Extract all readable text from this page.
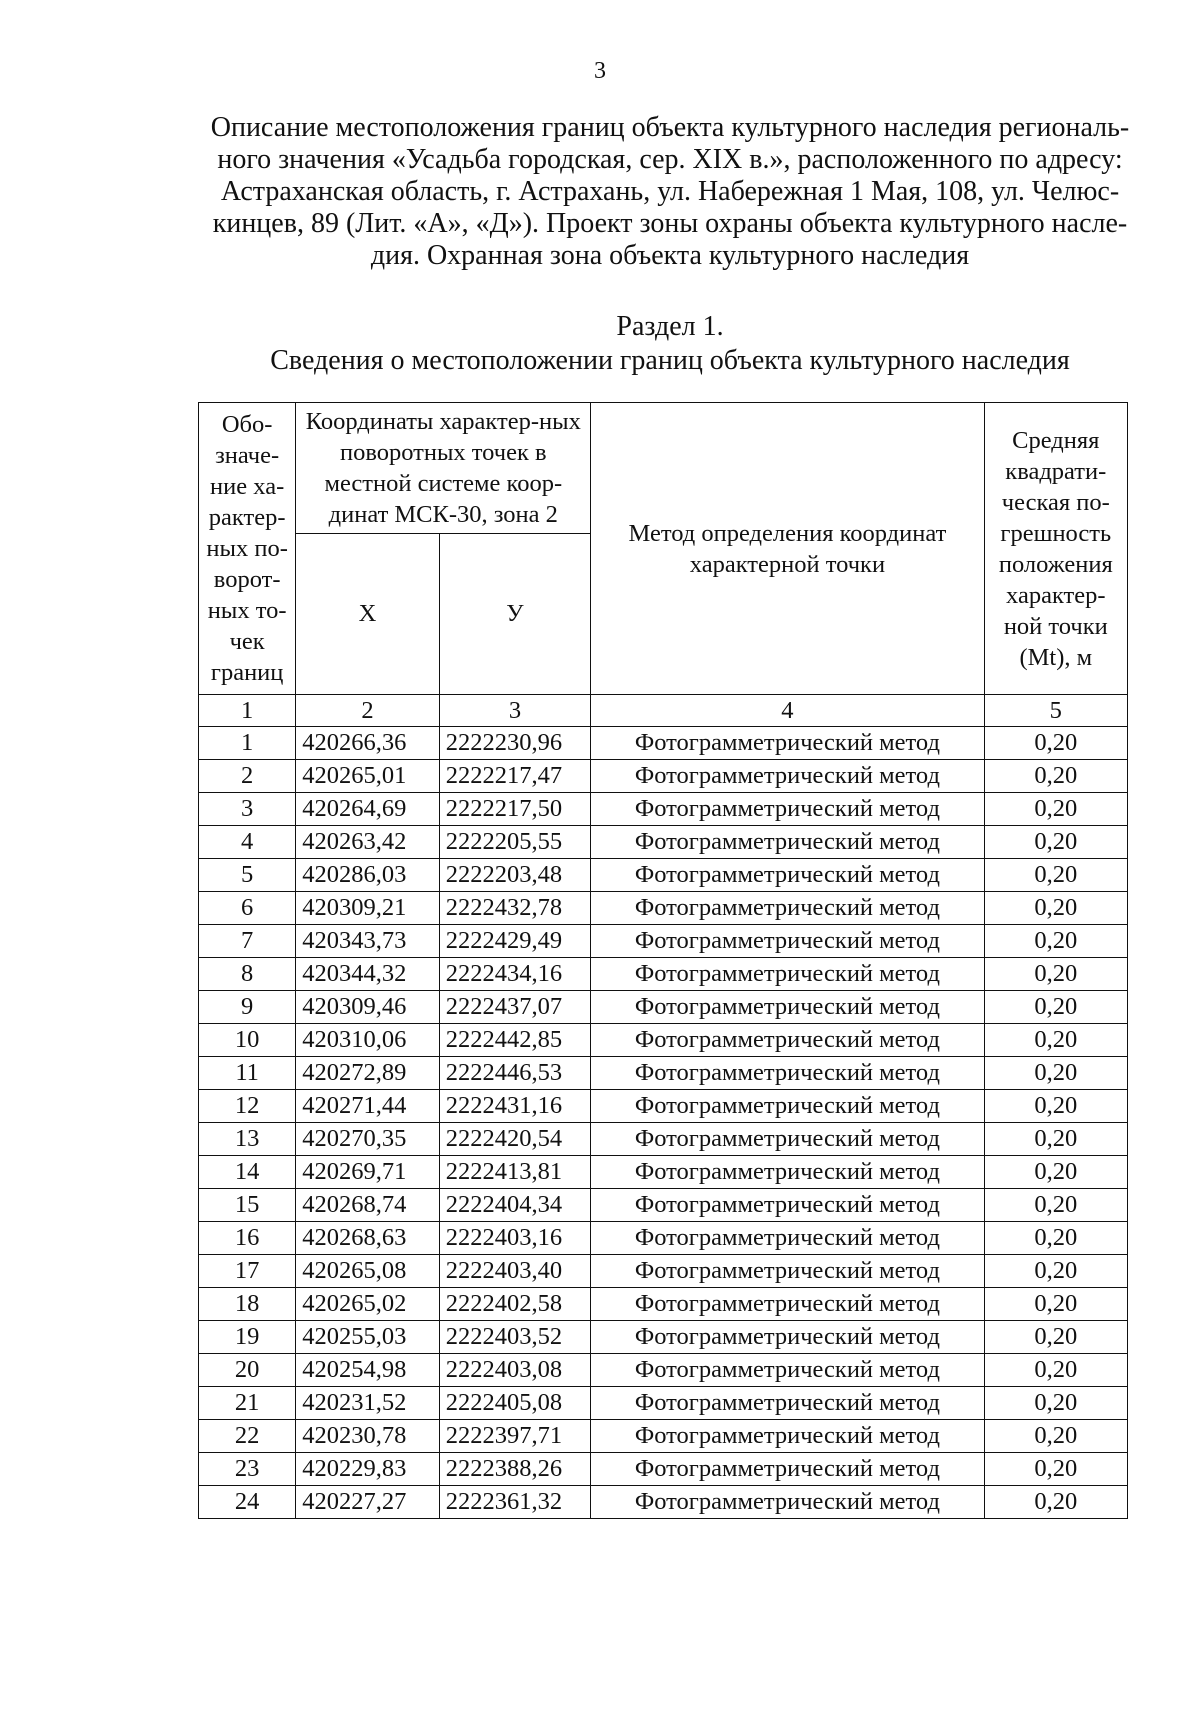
3
Описание местоположения границ объекта культурного наследия региональ-
ного значения «Усадьба городская, сер. XIX в.», расположенного по адресу:
Астраханская область, г. Астрахань, ул. Набережная 1 Мая, 108, ул. Челюс-
кинцев, 89 (Лит. «А», «Д»). Проект зоны охраны объекта культурного насле-
дия. Охранная зона объекта культурного наследия
Раздел 1.
Сведения о местоположении границ объекта культурного наследия
Обо-значе-ние ха-рактер-ных по-ворот-ных то-чек границ	Координаты характер-ных поворотных точек в местной системе коор-динат МСК-30, зона 2		Метод определения координат характерной точки	Средняя квадрати-ческая по-грешность положения характер-ной точки (Mt), м
	X	У		
1	2	3	4	5
1	420266,36	2222230,96	Фотограмметрический метод	0,20
2	420265,01	2222217,47	Фотограмметрический метод	0,20
3	420264,69	2222217,50	Фотограмметрический метод	0,20
4	420263,42	2222205,55	Фотограмметрический метод	0,20
5	420286,03	2222203,48	Фотограмметрический метод	0,20
6	420309,21	2222432,78	Фотограмметрический метод	0,20
7	420343,73	2222429,49	Фотограмметрический метод	0,20
8	420344,32	2222434,16	Фотограмметрический метод	0,20
9	420309,46	2222437,07	Фотограмметрический метод	0,20
10	420310,06	2222442,85	Фотограмметрический метод	0,20
11	420272,89	2222446,53	Фотограмметрический метод	0,20
12	420271,44	2222431,16	Фотограмметрический метод	0,20
13	420270,35	2222420,54	Фотограмметрический метод	0,20
14	420269,71	2222413,81	Фотограмметрический метод	0,20
15	420268,74	2222404,34	Фотограмметрический метод	0,20
16	420268,63	2222403,16	Фотограмметрический метод	0,20
17	420265,08	2222403,40	Фотограмметрический метод	0,20
18	420265,02	2222402,58	Фотограмметрический метод	0,20
19	420255,03	2222403,52	Фотограмметрический метод	0,20
20	420254,98	2222403,08	Фотограмметрический метод	0,20
21	420231,52	2222405,08	Фотограмметрический метод	0,20
22	420230,78	2222397,71	Фотограмметрический метод	0,20
23	420229,83	2222388,26	Фотограмметрический метод	0,20
24	420227,27	2222361,32	Фотограмметрический метод	0,20
